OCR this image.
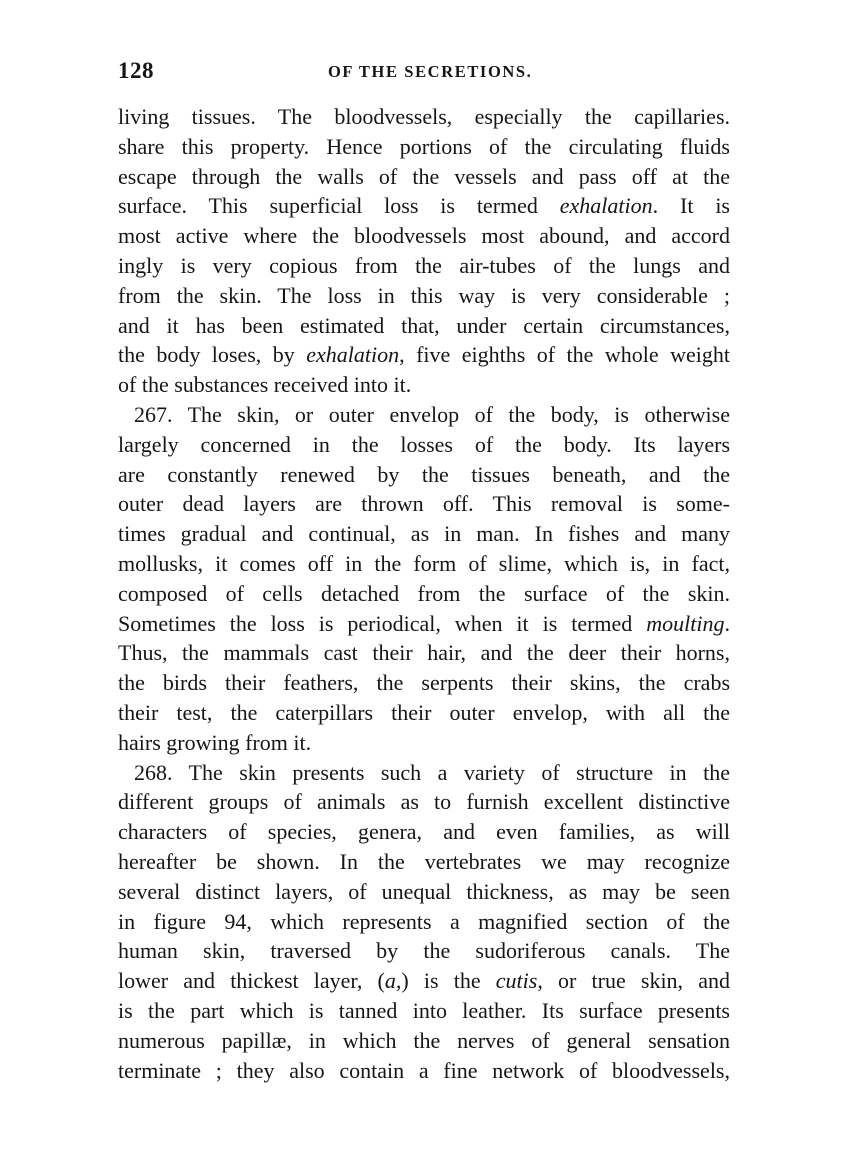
128	OF THE SECRETIONS.
living tissues. The bloodvessels, especially the capillaries.
share this property. Hence portions of the circulating fluids
escape through the walls of the vessels and pass off at the
surface. This superficial loss is termed exhalation. It is
most active where the bloodvessels most abound, and accord
ingly is very copious from the air-tubes of the lungs and
from the skin. The loss in this way is very considerable ;
and it has been estimated that, under certain circumstances,
the body loses, by exhalation, five eighths of the whole weight
of the substances received into it.
267. The skin, or outer envelop of the body, is otherwise
largely concerned in the losses of the body. Its layers
are constantly renewed by the tissues beneath, and the
outer dead layers are thrown off. This removal is some-
times gradual and continual, as in man. In fishes and many
mollusks, it comes off in the form of slime, which is, in fact,
composed of cells detached from the surface of the skin.
Sometimes the loss is periodical, when it is termed moulting.
Thus, the mammals cast their hair, and the deer their horns,
the birds their feathers, the serpents their skins, the crabs
their test, the caterpillars their outer envelop, with all the
hairs growing from it.
268. The skin presents such a variety of structure in the
different groups of animals as to furnish excellent distinctive
characters of species, genera, and even families, as will
hereafter be shown. In the vertebrates we may recognize
several distinct layers, of unequal thickness, as may be seen
in figure 94, which represents a magnified section of the
human skin, traversed by the sudoriferous canals. The
lower and thickest layer, (a,) is the cutis, or true skin, and
is the part which is tanned into leather. Its surface presents
numerous papillæ, in which the nerves of general sensation
terminate ; they also contain a fine network of bloodvessels,
